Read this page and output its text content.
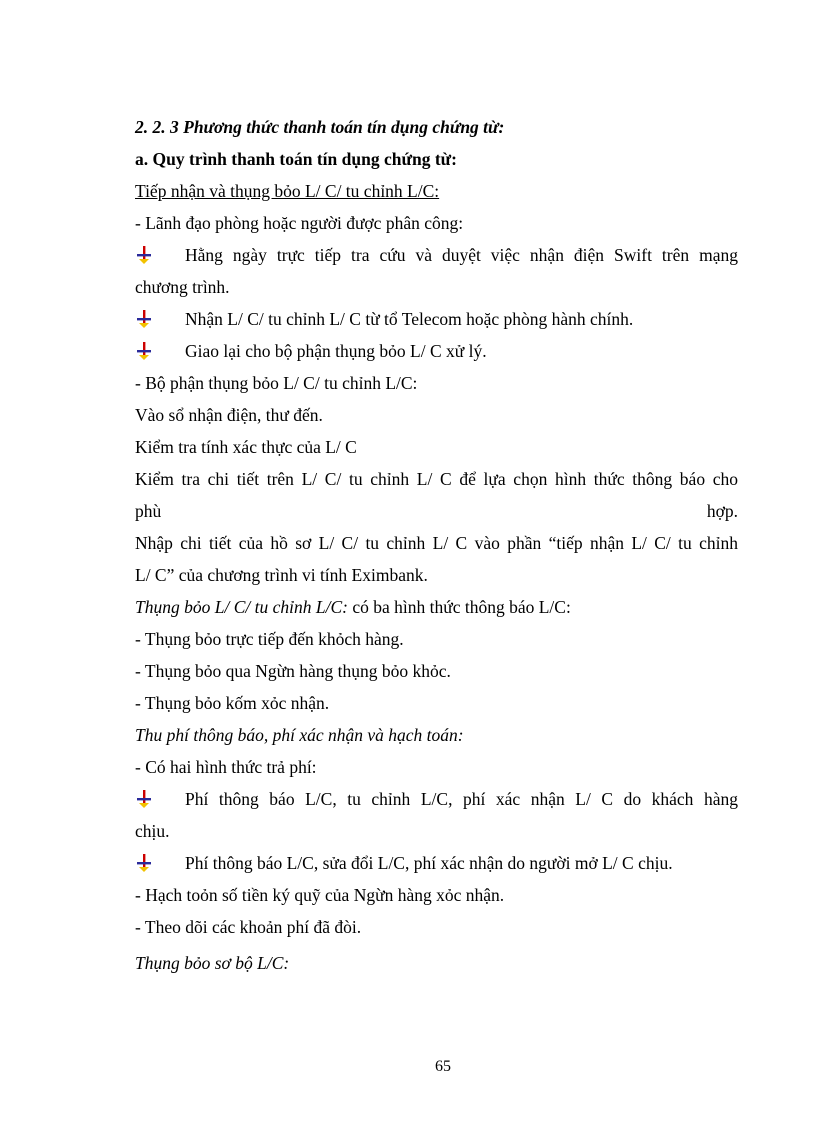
2. 2. 3 Phương thức thanh toán tín dụng chứng từ:
a. Quy trình thanh toán tín dụng chứng từ:
Tiếp nhận và thụng bỏo L/ C/ tu chỉnh L/C:
- Lãnh đạo phòng hoặc người được phân công:
Hằng ngày trực tiếp tra cứu và duyệt việc nhận điện Swift trên mạng
chương trình.
Nhận L/ C/ tu chỉnh L/ C từ tổ Telecom hoặc phòng hành chính.
Giao lại cho bộ phận thụng bỏo L/ C xử lý.
- Bộ phận thụng bỏo L/ C/ tu chỉnh L/C:
Vào sổ nhận điện, thư đến.
Kiểm tra tính xác thực của L/ C
Kiểm tra chi tiết trên L/ C/ tu chỉnh L/ C để lựa chọn hình thức thông báo cho
phù	hợp.
Nhập chi tiết của hồ sơ L/ C/ tu chỉnh L/ C vào phần “tiếp nhận L/ C/ tu chỉnh
L/ C” của chương trình vi tính Eximbank.
Thụng bỏo L/ C/ tu chỉnh L/C: có ba hình thức thông báo L/C:
- Thụng bỏo trực tiếp đến khỏch hàng.
- Thụng bỏo qua Ngừn hàng thụng bỏo khỏc.
- Thụng bỏo kốm xỏc nhận.
Thu phí thông báo, phí xác nhận và hạch toán:
- Có hai hình thức trả phí:
Phí thông báo L/C, tu chỉnh L/C, phí xác nhận L/ C do khách hàng
chịu.
Phí thông báo L/C, sửa đổi L/C, phí xác nhận do người mở L/ C chịu.
- Hạch toỏn số tiền ký quỹ của Ngừn hàng xỏc nhận.
- Theo dõi các khoản phí đã đòi.
Thụng bỏo sơ bộ L/C:
65
